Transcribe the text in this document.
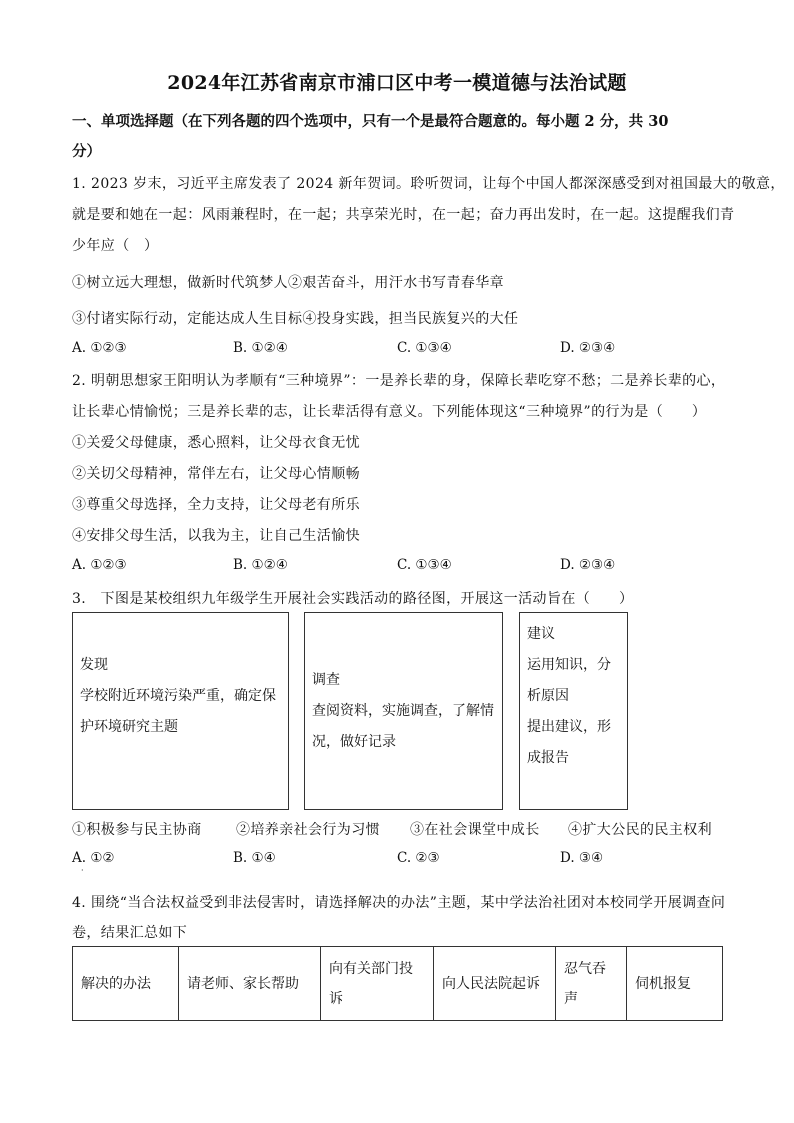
2024年江苏省南京市浦口区中考一模道德与法治试题
一、单项选择题（在下列各题的四个选项中，只有一个是最符合题意的。每小题 2 分，共 30
分）
1. 2023 岁末，习近平主席发表了 2024 新年贺词。聆听贺词，让每个中国人都深深感受到对祖国最大的敬意，
就是要和她在一起：风雨兼程时，在一起；共享荣光时，在一起；奋力再出发时，在一起。这提醒我们青
少年应（　）
①树立远大理想，做新时代筑梦人②艰苦奋斗，用汗水书写青春华章
③付诸实际行动，定能达成人生目标④投身实践，担当民族复兴的大任
A. ①②③	B. ①②④	C. ①③④	D. ②③④
2. 明朝思想家王阳明认为孝顺有“三种境界”：一是养长辈的身，保障长辈吃穿不愁；二是养长辈的心，
让长辈心情愉悦；三是养长辈的志，让长辈活得有意义。下列能体现这“三种境界”的行为是（　　）
①关爱父母健康，悉心照料，让父母衣食无忧
②关切父母精神，常伴左右，让父母心情顺畅
③尊重父母选择，全力支持，让父母老有所乐
④安排父母生活，以我为主，让自己生活愉快
A. ①②③	B. ①②④	C. ①③④	D. ②③④
3.　下图是某校组织九年级学生开展社会实践活动的路径图，开展这一活动旨在（　　）
发现
学校附近环境污染严重，确定保
护环境研究主题
调查
查阅资料，实施调查，了解情
况，做好记录
建议
运用知识，分
析原因
提出建议，形
成报告
①积极参与民主协商 ②培养亲社会行为习惯 ③在社会课堂中成长 ④扩大公民的民主权利
A. ①②	B. ①④	C. ②③	D. ③④
·
4. 围绕“当合法权益受到非法侵害时，请选择解决的办法”主题，某中学法治社团对本校同学开展调查问
卷，结果汇总如下
解决的办法	请老师、家长帮助	向有关部门投诉	向人民法院起诉	忍气吞声	伺机报复
